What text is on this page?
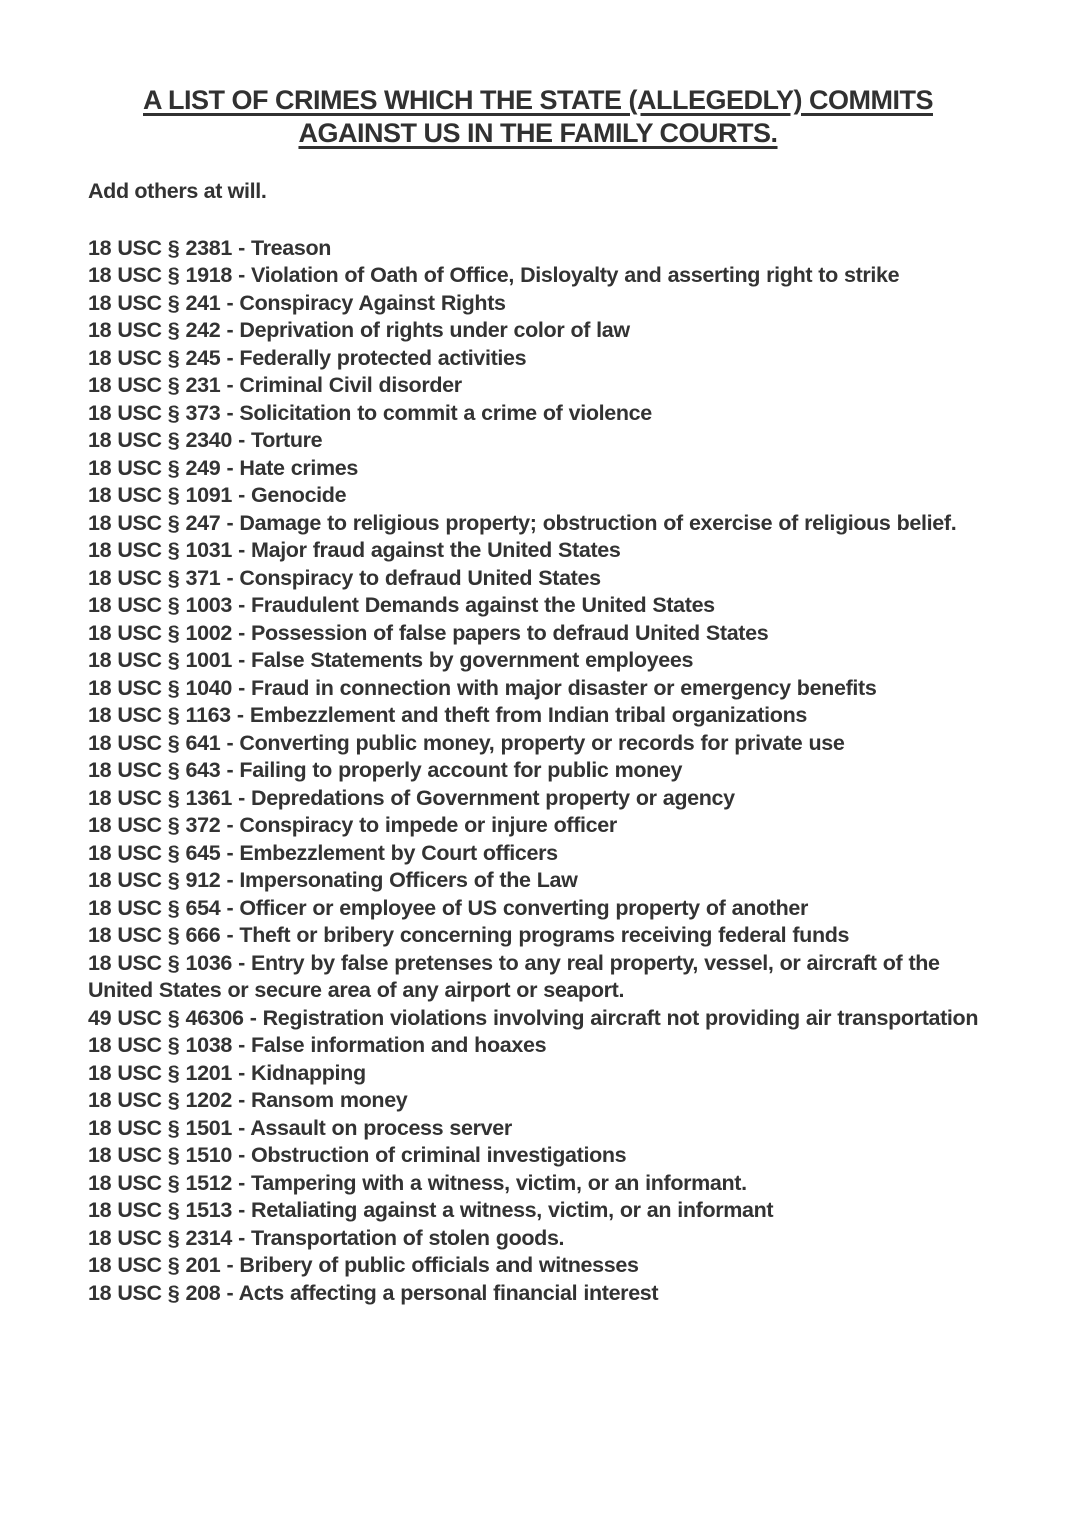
A LIST OF CRIMES WHICH THE STATE (ALLEGEDLY) COMMITS
AGAINST US IN THE FAMILY COURTS.

Add others at will.

18 USC § 2381 - Treason

18 USC § 1918 - Violation of Oath of Office, Disloyalty and asserting right to strike

18 USC § 241 - Conspiracy Against Rights

18 USC § 242 - Deprivation of rights under color of law

18 USC § 245 - Federally protected activities

18 USC § 231 - Criminal Civil disorder

18 USC § 373 - Solicitation to commit a crime of violence

18 USC § 2340 - Torture

18 USC § 249 - Hate crimes

18 USC § 1091 - Genocide

18 USC § 247 - Damage to religious property; obstruction of exercise of religious belief.

18 USC § 1031 - Major fraud against the United States

18 USC § 371 - Conspiracy to defraud United States

18 USC § 1003 - Fraudulent Demands against the United States

18 USC § 1002 - Possession of false papers to defraud United States

18 USC § 1001 - False Statements by government employees

18 USC § 1040 - Fraud in connection with major disaster or emergency benefits

18 USC § 1163 - Embezzlement and theft from Indian tribal organizations

18 USC § 641 - Converting public money, property or records for private use

18 USC § 643 - Failing to properly account for public money

18 USC § 1361 - Depredations of Government property or agency

18 USC § 372 - Conspiracy to impede or injure officer

18 USC § 645 - Embezzlement by Court officers

18 USC § 912 - Impersonating Officers of the Law

18 USC § 654 - Officer or employee of US converting property of another

18 USC § 666 - Theft or bribery concerning programs receiving federal funds

18 USC § 1036 - Entry by false pretenses to any real property, vessel, or aircraft of the United States or secure area of any airport or seaport.

49 USC § 46306 - Registration violations involving aircraft not providing air transportation

18 USC § 1038 - False information and hoaxes

18 USC § 1201 - Kidnapping

18 USC § 1202 - Ransom money

18 USC § 1501 - Assault on process server

18 USC § 1510 - Obstruction of criminal investigations

18 USC § 1512 - Tampering with a witness, victim, or an informant.

18 USC § 1513 - Retaliating against a witness, victim, or an informant

18 USC § 2314 - Transportation of stolen goods.

18 USC § 201 - Bribery of public officials and witnesses

18 USC § 208 - Acts affecting a personal financial interest
